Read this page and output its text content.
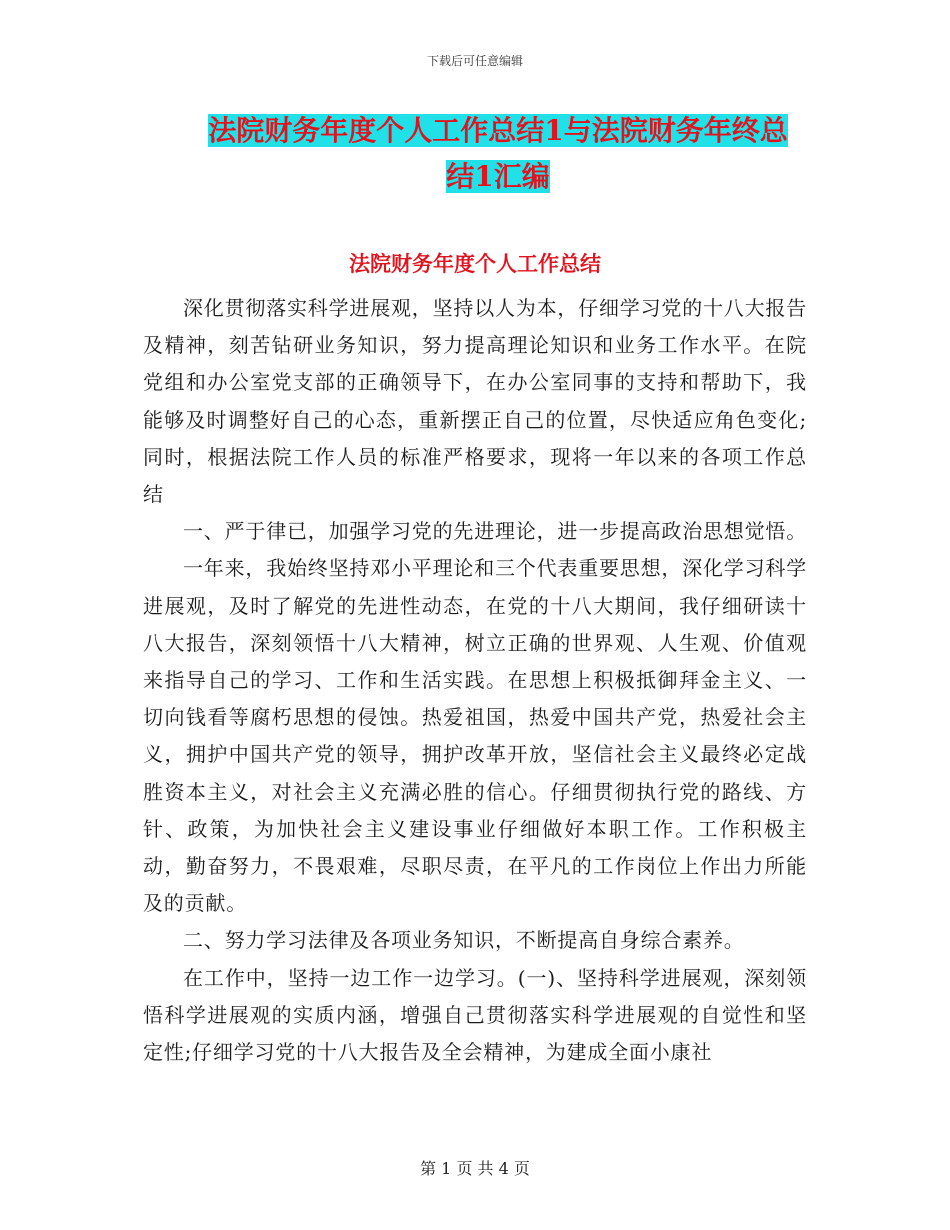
下载后可任意编辑
法院财务年度个人工作总结1与法院财务年终总结1汇编
法院财务年度个人工作总结

深化贯彻落实科学进展观，坚持以人为本，仔细学习党的十八大报告及精神，刻苦钻研业务知识，努力提高理论知识和业务工作水平。在院党组和办公室党支部的正确领导下，在办公室同事的支持和帮助下，我能够及时调整好自己的心态，重新摆正自己的位置，尽快适应角色变化;同时，根据法院工作人员的标准严格要求，现将一年以来的各项工作总结

一、严于律已，加强学习党的先进理论，进一步提高政治思想觉悟。

一年来，我始终坚持邓小平理论和三个代表重要思想，深化学习科学进展观，及时了解党的先进性动态，在党的十八大期间，我仔细研读十八大报告，深刻领悟十八大精神，树立正确的世界观、人生观、价值观来指导自己的学习、工作和生活实践。在思想上积极抵御拜金主义、一切向钱看等腐朽思想的侵蚀。热爱祖国，热爱中国共产党，热爱社会主义，拥护中国共产党的领导，拥护改革开放，坚信社会主义最终必定战胜资本主义，对社会主义充满必胜的信心。仔细贯彻执行党的路线、方针、政策，为加快社会主义建设事业仔细做好本职工作。工作积极主动，勤奋努力，不畏艰难，尽职尽责，在平凡的工作岗位上作出力所能及的贡献。

二、努力学习法律及各项业务知识，不断提高自身综合素养。

在工作中，坚持一边工作一边学习。(一)、坚持科学进展观，深刻领悟科学进展观的实质内涵，增强自己贯彻落实科学进展观的自觉性和坚定性;仔细学习党的十八大报告及全会精神，为建成全面小康社

第 1 页 共 4 页
